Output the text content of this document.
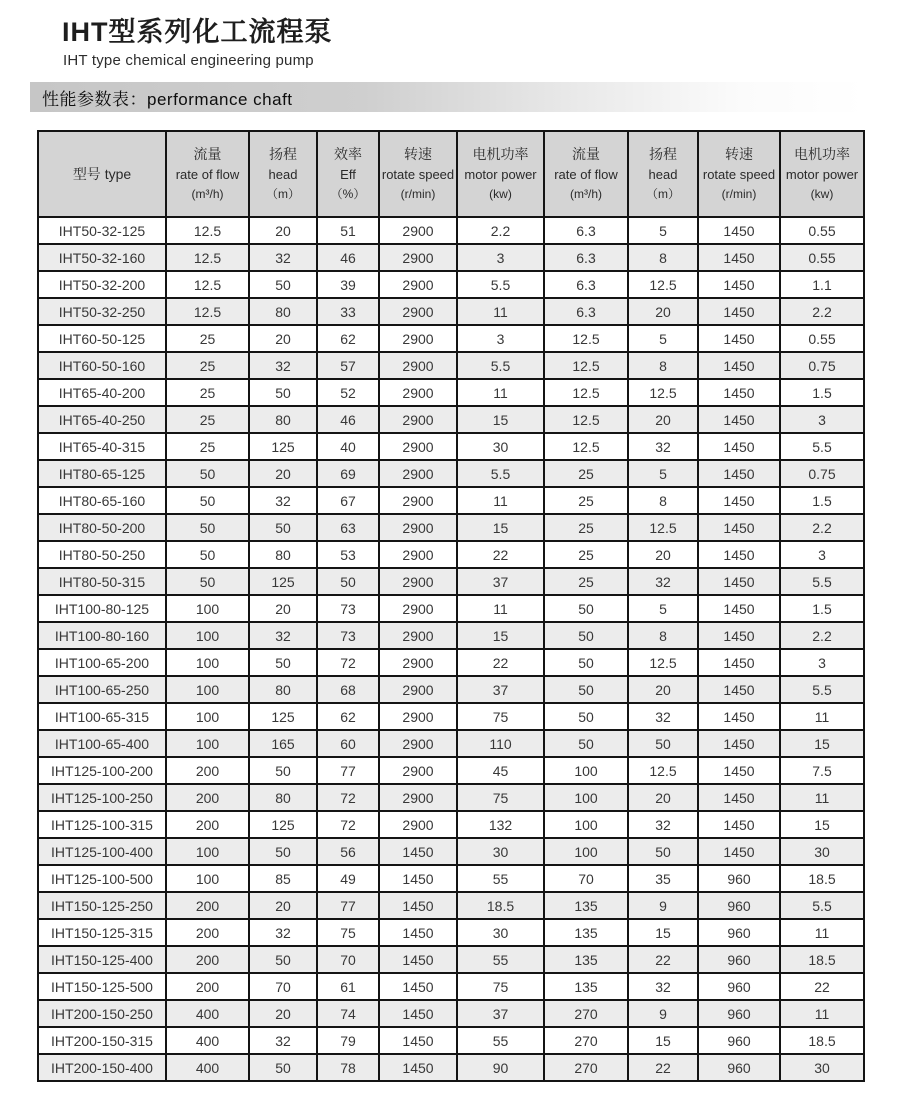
IHT型系列化工流程泵
IHT type chemical engineering pump
性能参数表：performance chaft
型号 type

流量
rate of flow
(m³/h)

扬程
head
（m）

效率
Eff
（%）

转速
rotate speed
(r/min)

电机功率
motor power
(kw)

流量
rate of flow
(m³/h)

扬程
head
（m）

转速
rotate speed
(r/min)

电机功率
motor power
(kw)

IHT50-32-125	12.5	20	51	2900	2.2	6.3	5	1450	0.55
IHT50-32-160	12.5	32	46	2900	3	6.3	8	1450	0.55
IHT50-32-200	12.5	50	39	2900	5.5	6.3	12.5	1450	1.1
IHT50-32-250	12.5	80	33	2900	11	6.3	20	1450	2.2
IHT60-50-125	25	20	62	2900	3	12.5	5	1450	0.55
IHT60-50-160	25	32	57	2900	5.5	12.5	8	1450	0.75
IHT65-40-200	25	50	52	2900	11	12.5	12.5	1450	1.5
IHT65-40-250	25	80	46	2900	15	12.5	20	1450	3
IHT65-40-315	25	125	40	2900	30	12.5	32	1450	5.5
IHT80-65-125	50	20	69	2900	5.5	25	5	1450	0.75
IHT80-65-160	50	32	67	2900	11	25	8	1450	1.5
IHT80-50-200	50	50	63	2900	15	25	12.5	1450	2.2
IHT80-50-250	50	80	53	2900	22	25	20	1450	3
IHT80-50-315	50	125	50	2900	37	25	32	1450	5.5
IHT100-80-125	100	20	73	2900	11	50	5	1450	1.5
IHT100-80-160	100	32	73	2900	15	50	8	1450	2.2
IHT100-65-200	100	50	72	2900	22	50	12.5	1450	3
IHT100-65-250	100	80	68	2900	37	50	20	1450	5.5
IHT100-65-315	100	125	62	2900	75	50	32	1450	11
IHT100-65-400	100	165	60	2900	110	50	50	1450	15
IHT125-100-200	200	50	77	2900	45	100	12.5	1450	7.5
IHT125-100-250	200	80	72	2900	75	100	20	1450	11
IHT125-100-315	200	125	72	2900	132	100	32	1450	15
IHT125-100-400	100	50	56	1450	30	100	50	1450	30
IHT125-100-500	100	85	49	1450	55	70	35	960	18.5
IHT150-125-250	200	20	77	1450	18.5	135	9	960	5.5
IHT150-125-315	200	32	75	1450	30	135	15	960	11
IHT150-125-400	200	50	70	1450	55	135	22	960	18.5
IHT150-125-500	200	70	61	1450	75	135	32	960	22
IHT200-150-250	400	20	74	1450	37	270	9	960	11
IHT200-150-315	400	32	79	1450	55	270	15	960	18.5
IHT200-150-400	400	50	78	1450	90	270	22	960	30
